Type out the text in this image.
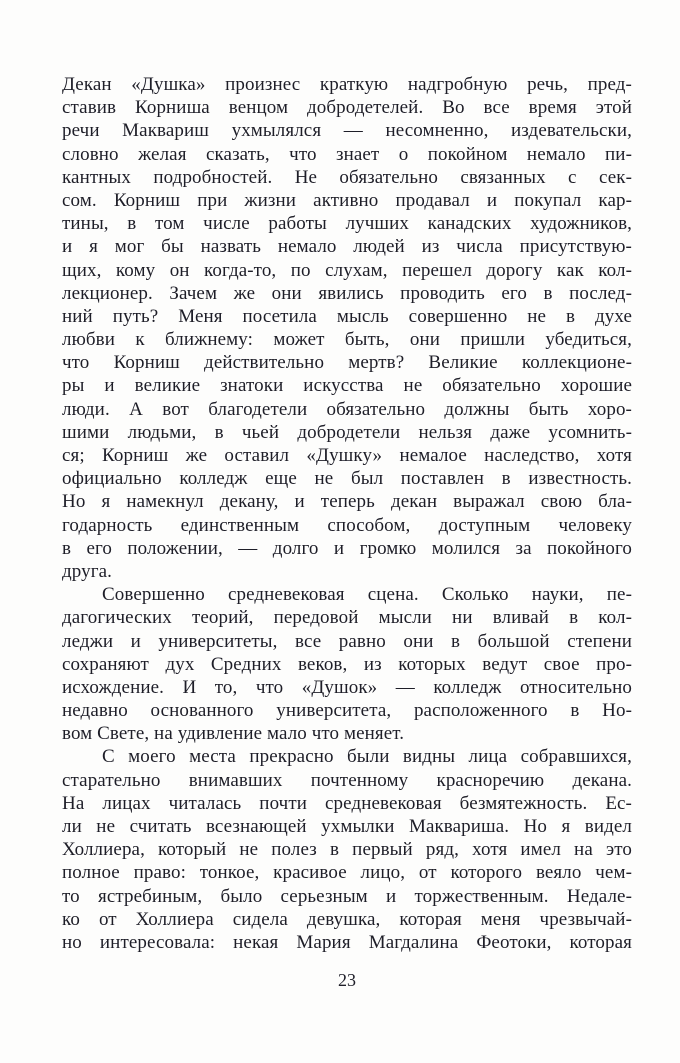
Декан «Душка» произнес краткую надгробную речь, пред-
ставив Корниша венцом добродетелей. Во все время этой
речи Маквариш ухмылялся — несомненно, издевательски,
словно желая сказать, что знает о покойном немало пи-
кантных подробностей. Не обязательно связанных с сек-
сом. Корниш при жизни активно продавал и покупал кар-
тины, в том числе работы лучших канадских художников,
и я мог бы назвать немало людей из числа присутствую-
щих, кому он когда-то, по слухам, перешел дорогу как кол-
лекционер. Зачем же они явились проводить его в послед-
ний путь? Меня посетила мысль совершенно не в духе
любви к ближнему: может быть, они пришли убедиться,
что Корниш действительно мертв? Великие коллекционе-
ры и великие знатоки искусства не обязательно хорошие
люди. А вот благодетели обязательно должны быть хоро-
шими людьми, в чьей добродетели нельзя даже усомнить-
ся; Корниш же оставил «Душку» немалое наследство, хотя
официально колледж еще не был поставлен в известность.
Но я намекнул декану, и теперь декан выражал свою бла-
годарность единственным способом, доступным человеку
в его положении, — долго и громко молился за покойного
друга.
Совершенно средневековая сцена. Сколько науки, пе-
дагогических теорий, передовой мысли ни вливай в кол-
леджи и университеты, все равно они в большой степени
сохраняют дух Средних веков, из которых ведут свое про-
исхождение. И то, что «Душок» — колледж относительно
недавно основанного университета, расположенного в Но-
вом Свете, на удивление мало что меняет.
С моего места прекрасно были видны лица собравшихся,
старательно внимавших почтенному красноречию декана.
На лицах читалась почти средневековая безмятежность. Ес-
ли не считать всезнающей ухмылки Маквариша. Но я видел
Холлиера, который не полез в первый ряд, хотя имел на это
полное право: тонкое, красивое лицо, от которого веяло чем-
то ястребиным, было серьезным и торжественным. Недале-
ко от Холлиера сидела девушка, которая меня чрезвычай-
но интересовала: некая Мария Магдалина Феотоки, которая
23
